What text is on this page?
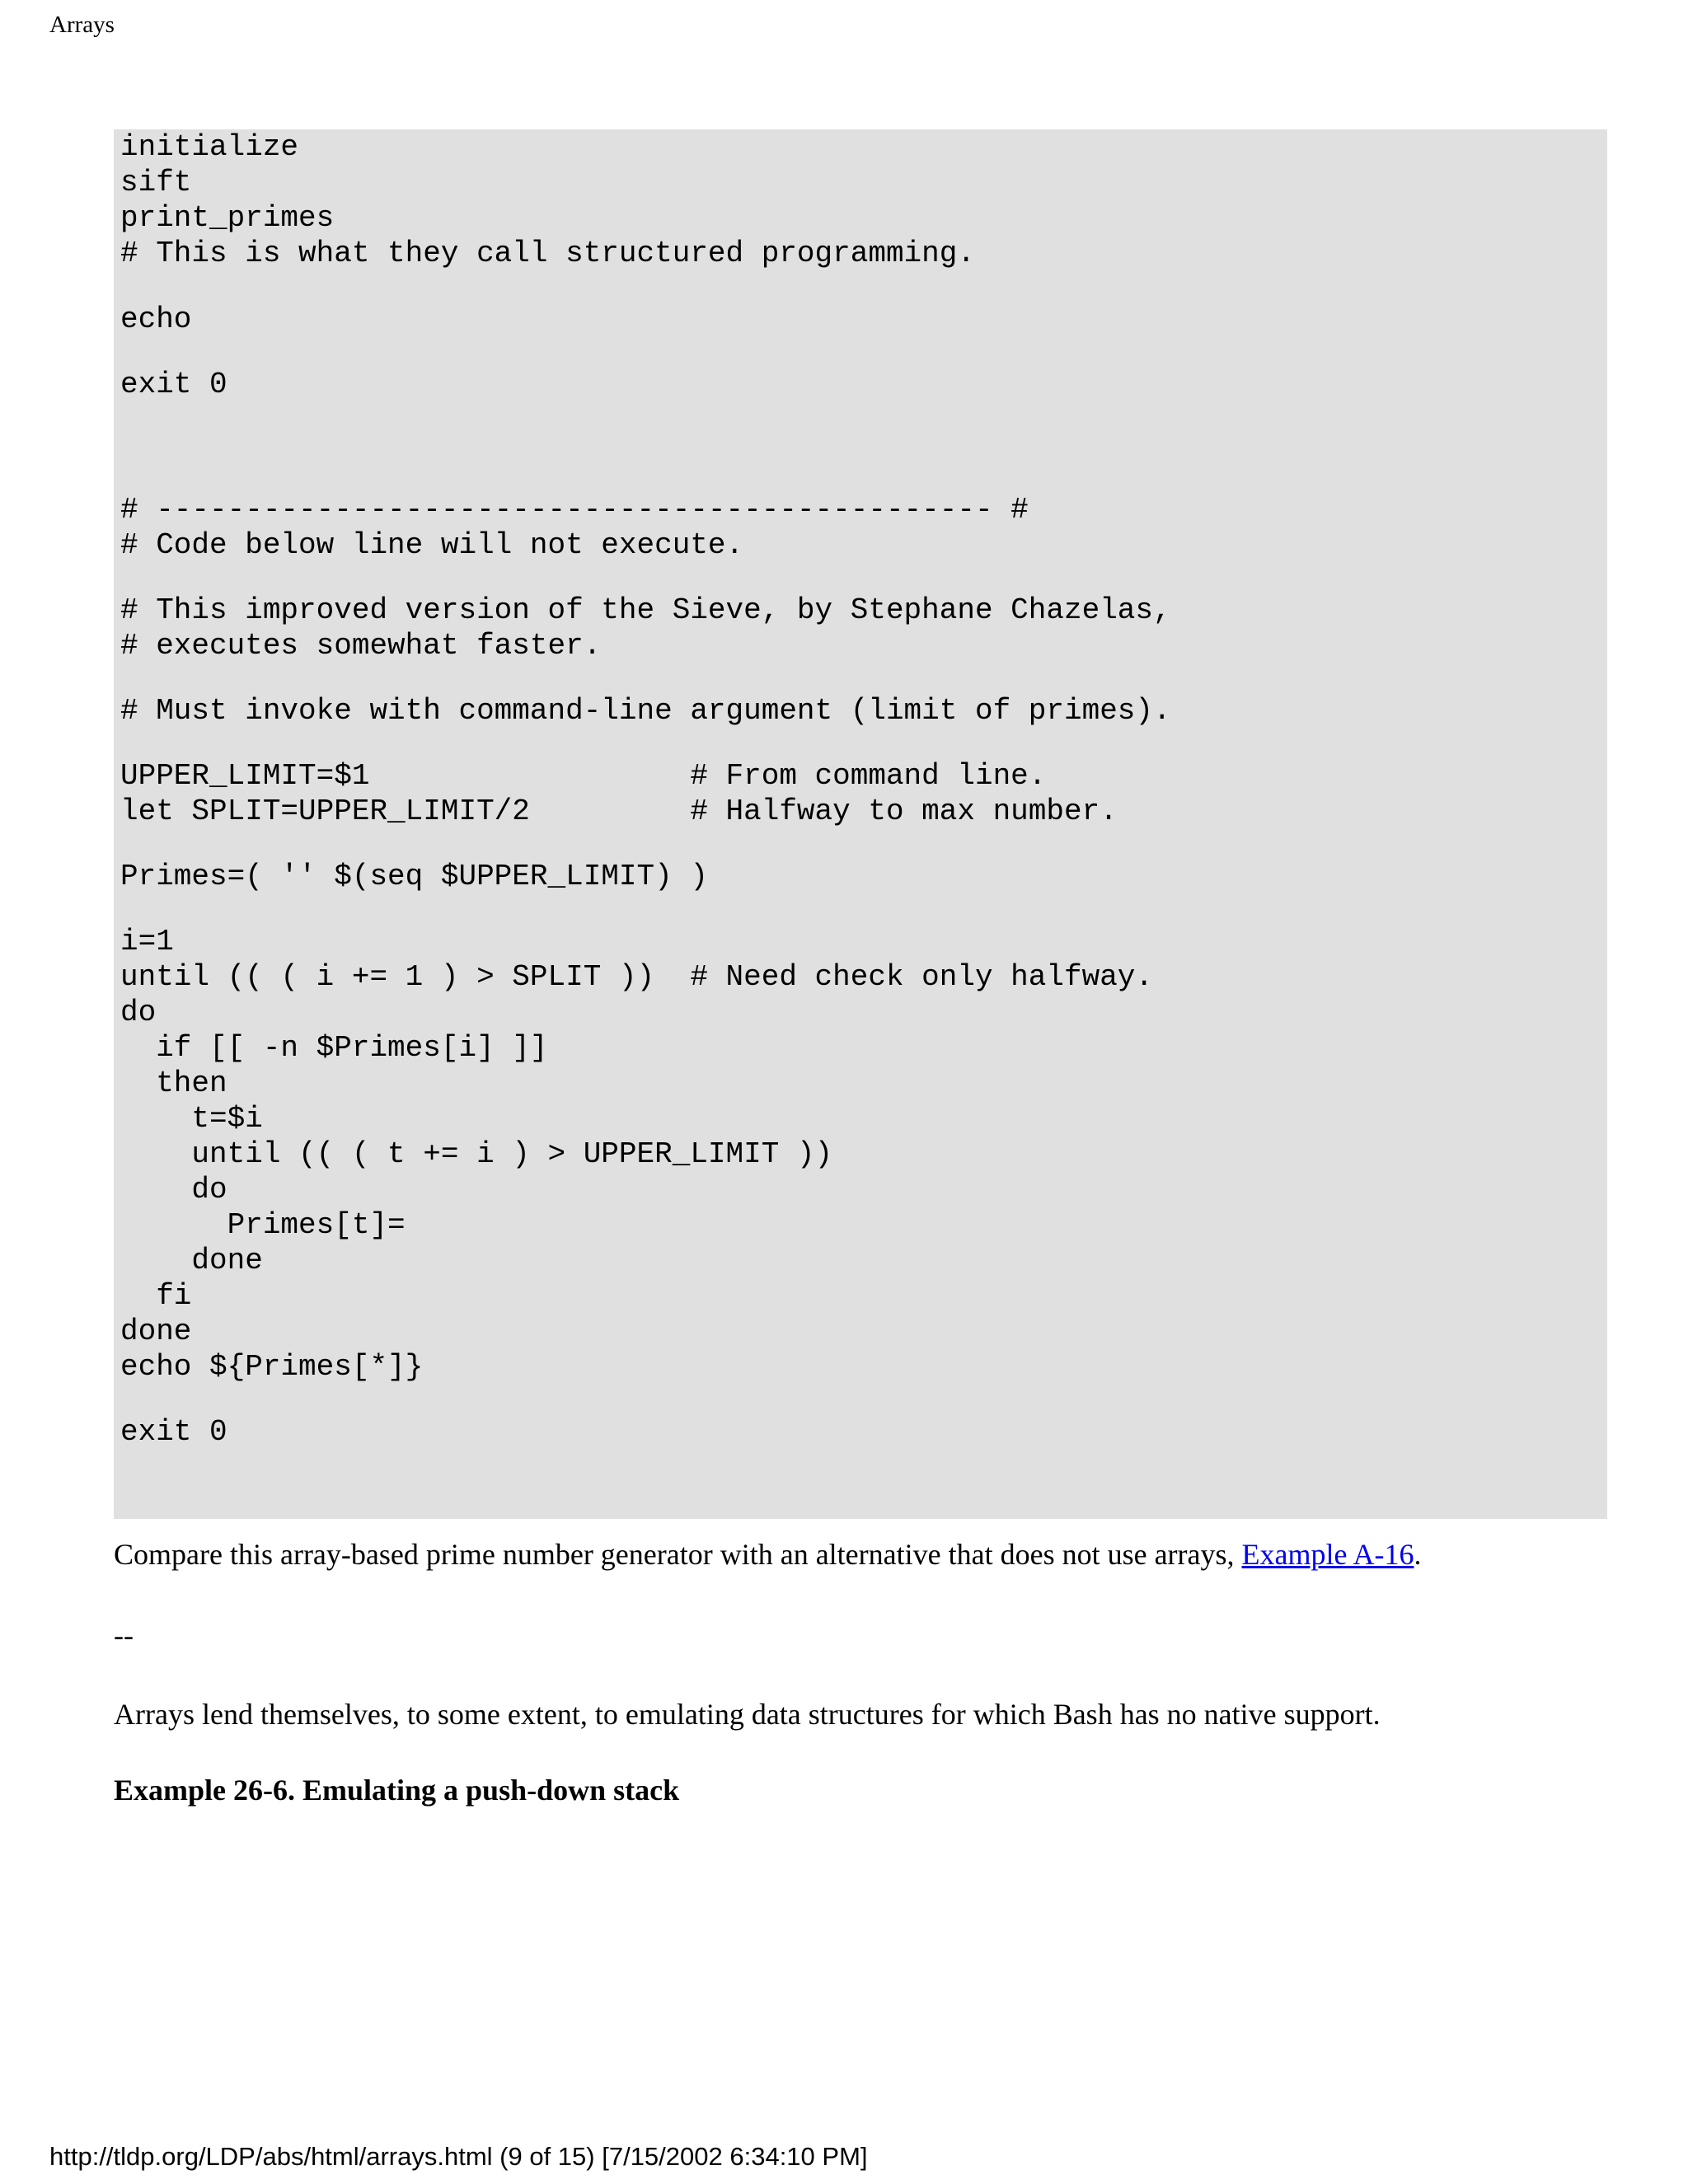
Arrays
initialize
sift
print_primes
# This is what they call structured programming.
echo
exit 0
# ----------------------------------------------- #
# Code below line will not execute.
# This improved version of the Sieve, by Stephane Chazelas,
# executes somewhat faster.
# Must invoke with command-line argument (limit of primes).
UPPER_LIMIT=$1                  # From command line.
let SPLIT=UPPER_LIMIT/2         # Halfway to max number.
Primes=( '' $(seq $UPPER_LIMIT) )
i=1
until (( ( i += 1 ) > SPLIT ))  # Need check only halfway.
do
if [[ -n $Primes[i] ]]
then
t=$i
until (( ( t += i ) > UPPER_LIMIT ))
do
Primes[t]=
done
fi
done
echo ${Primes[*]}
exit 0
Compare this array-based prime number generator with an alternative that does not use arrays, Example A-16.
--
Arrays lend themselves, to some extent, to emulating data structures for which Bash has no native support.
Example 26-6. Emulating a push-down stack
http://tldp.org/LDP/abs/html/arrays.html (9 of 15) [7/15/2002 6:34:10 PM]
